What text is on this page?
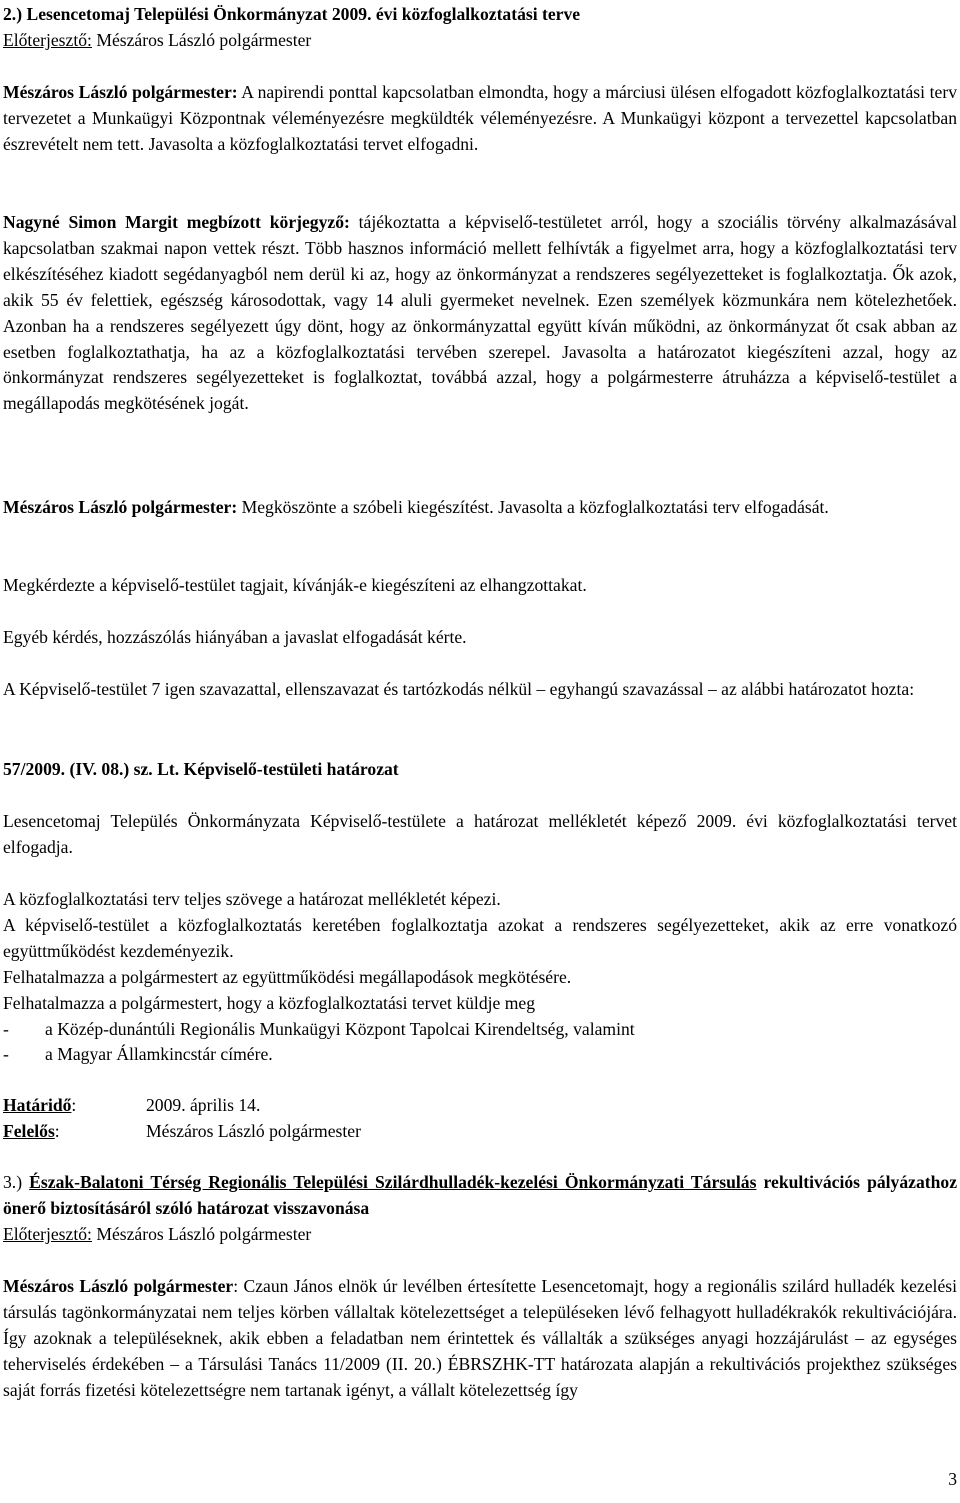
2.) Lesencetomaj Települési Önkormányzat 2009. évi közfoglalkoztatási terve

Előterjesztő: Mészáros László polgármester

Mészáros László polgármester: A napirendi ponttal kapcsolatban elmondta, hogy a márciusi ülésen elfogadott közfoglalkoztatási terv tervezetet a Munkaügyi Központnak véleményezésre megküldték véleményezésre. A Munkaügyi központ a tervezettel kapcsolatban észrevételt nem tett. Javasolta a közfoglalkoztatási tervet elfogadni.

Nagyné Simon Margit megbízott körjegyző: tájékoztatta a képviselő-testületet arról, hogy a szociális törvény alkalmazásával kapcsolatban szakmai napon vettek részt. Több hasznos információ mellett felhívták a figyelmet arra, hogy a közfoglalkoztatási terv elkészítéséhez kiadott segédanyagból nem derül ki az, hogy az önkormányzat a rendszeres segélyezetteket is foglalkoztatja. Ők azok, akik 55 év felettiek, egészség károsodottak, vagy 14 aluli gyermeket nevelnek. Ezen személyek közmunkára nem kötelezhetőek. Azonban ha a rendszeres segélyezett úgy dönt, hogy az önkormányzattal együtt kíván működni, az önkormányzat őt csak abban az esetben foglalkoztathatja, ha az a közfoglalkoztatási tervében szerepel. Javasolta a határozatot kiegészíteni azzal, hogy az önkormányzat rendszeres segélyezetteket is foglalkoztat, továbbá azzal, hogy a polgármesterre átruházza a képviselő-testület a megállapodás megkötésének jogát.

Mészáros László polgármester: Megköszönte a szóbeli kiegészítést. Javasolta a közfoglalkoztatási terv elfogadását.

Megkérdezte a képviselő-testület tagjait, kívánják-e kiegészíteni az elhangzottakat.

Egyéb kérdés, hozzászólás hiányában a javaslat elfogadását kérte.

A Képviselő-testület 7 igen szavazattal, ellenszavazat és tartózkodás nélkül – egyhangú szavazással – az alábbi határozatot hozta:

57/2009. (IV. 08.) sz. Lt. Képviselő-testületi határozat

Lesencetomaj Település Önkormányzata Képviselő-testülete a határozat mellékletét képező 2009. évi közfoglalkoztatási tervet elfogadja.

A közfoglalkoztatási terv teljes szövege a határozat mellékletét képezi.

A képviselő-testület a közfoglalkoztatás keretében foglalkoztatja azokat a rendszeres segélyezetteket, akik az erre vonatkozó együttműködést kezdeményezik.

Felhatalmazza a polgármestert az együttműködési megállapodások megkötésére.

Felhatalmazza a polgármestert, hogy a közfoglalkoztatási tervet küldje meg

- a Közép-dunántúli Regionális Munkaügyi Központ Tapolcai Kirendeltség, valamint
- a Magyar Államkincstár címére.

Határidő:	2009. április 14.

Felelős:	Mészáros László polgármester

3.) Észak-Balatoni Térség Regionális Települési Szilárdhulladék-kezelési Önkormányzati Társulás rekultivációs pályázathoz önerő biztosításáról szóló határozat visszavonása

Előterjesztő: Mészáros László polgármester

Mészáros László polgármester: Czaun János elnök úr levélben értesítette Lesencetomajt, hogy a regionális szilárd hulladék kezelési társulás tagönkormányzatai nem teljes körben vállaltak kötelezettséget a településeken lévő felhagyott hulladékrakók rekultivációjára. Így azoknak a településeknek, akik ebben a feladatban nem érintettek és vállalták a szükséges anyagi hozzájárulást – az egységes teherviselés érdekében – a Társulási Tanács 11/2009 (II. 20.) ÉBRSZHK-TT határozata alapján a rekultivációs projekthez szükséges saját forrás fizetési kötelezettségre nem tartanak igényt, a vállalt kötelezettség így

3
